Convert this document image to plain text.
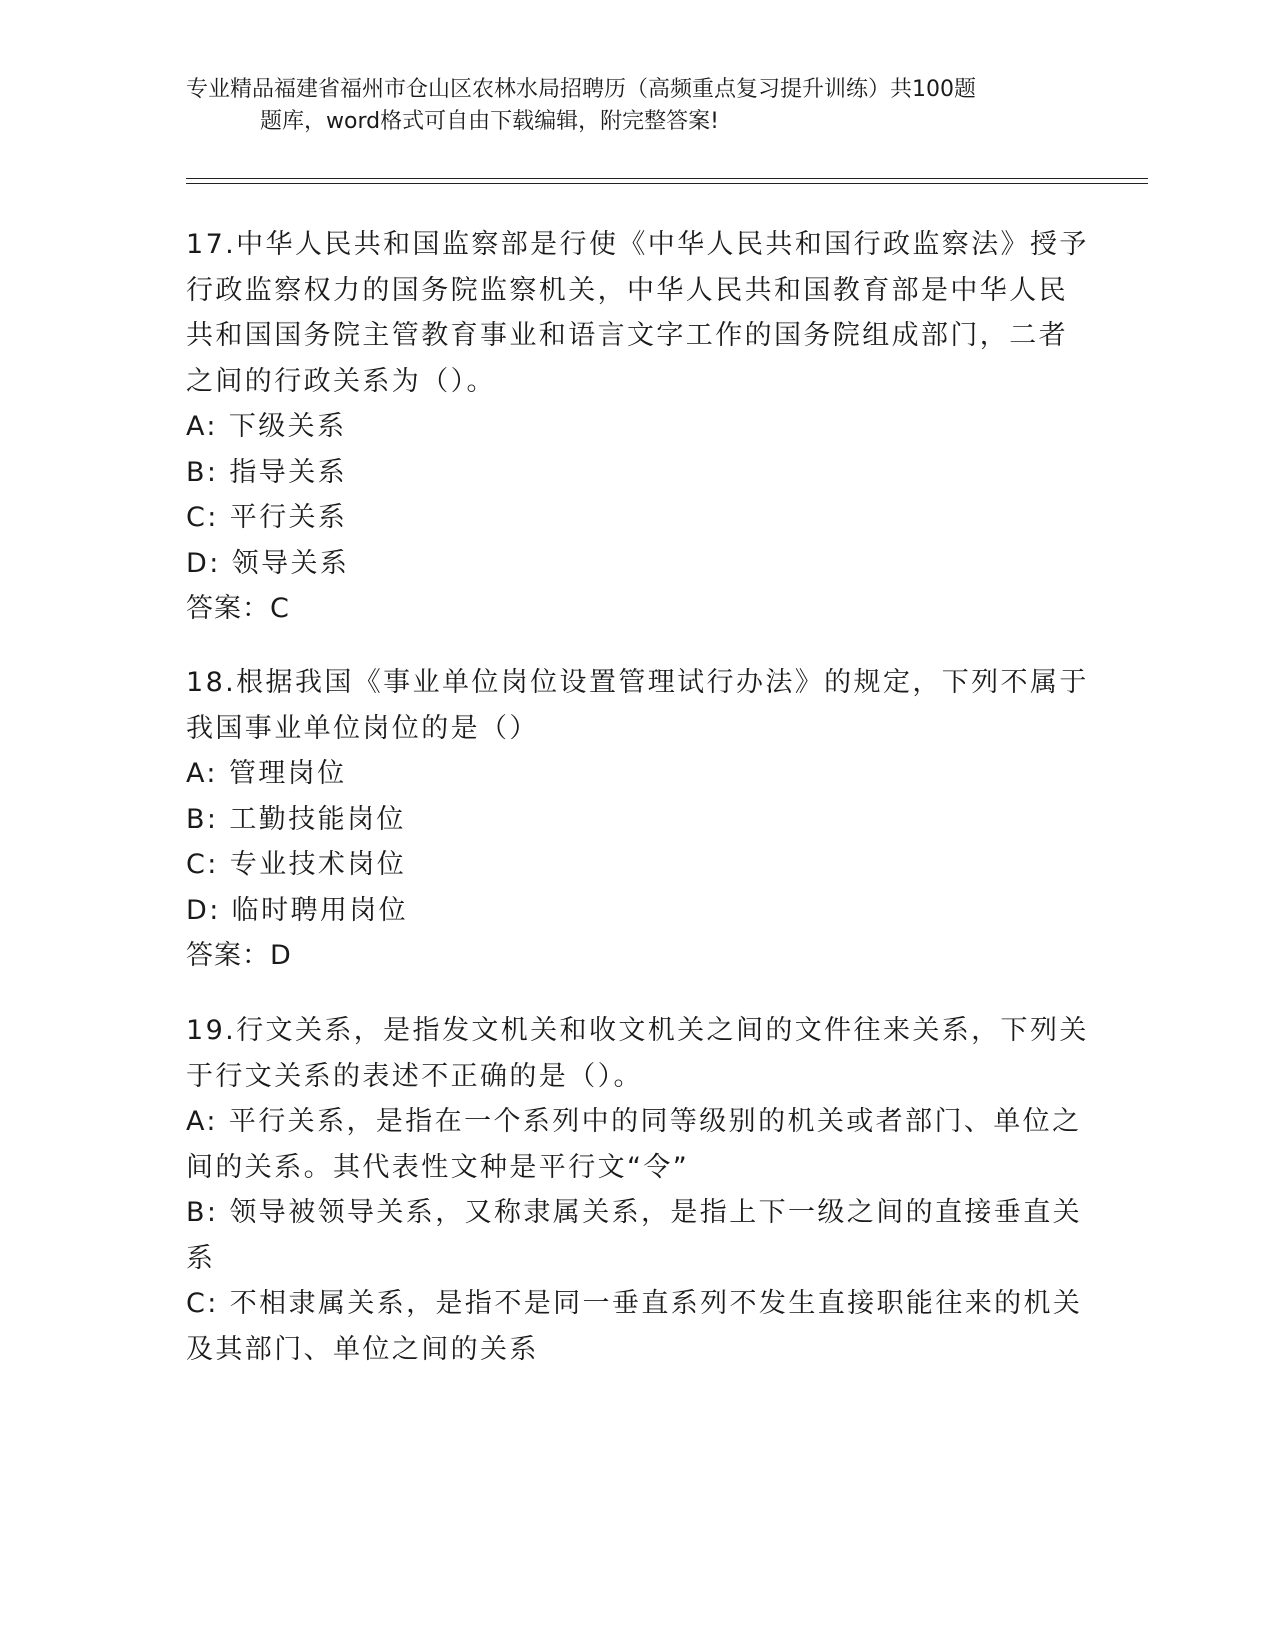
专业精品福建省福州市仓山区农林水局招聘历（高频重点复习提升训练）共100题
题库，word格式可自由下载编辑，附完整答案!
17.中华人民共和国监察部是行使《中华人民共和国行政监察法》授予
行政监察权力的国务院监察机关，中华人民共和国教育部是中华人民
共和国国务院主管教育事业和语言文字工作的国务院组成部门，二者
之间的行政关系为（）。
A: 下级关系
B: 指导关系
C: 平行关系
D: 领导关系
答案：C
18.根据我国《事业单位岗位设置管理试行办法》的规定，下列不属于
我国事业单位岗位的是（）
A: 管理岗位
B: 工勤技能岗位
C: 专业技术岗位
D: 临时聘用岗位
答案：D
19.行文关系，是指发文机关和收文机关之间的文件往来关系，下列关
于行文关系的表述不正确的是（）。
A: 平行关系，是指在一个系列中的同等级别的机关或者部门、单位之
间的关系。其代表性文种是平行文“令”
B: 领导被领导关系，又称隶属关系，是指上下一级之间的直接垂直关
系
C: 不相隶属关系，是指不是同一垂直系列不发生直接职能往来的机关
及其部门、单位之间的关系
